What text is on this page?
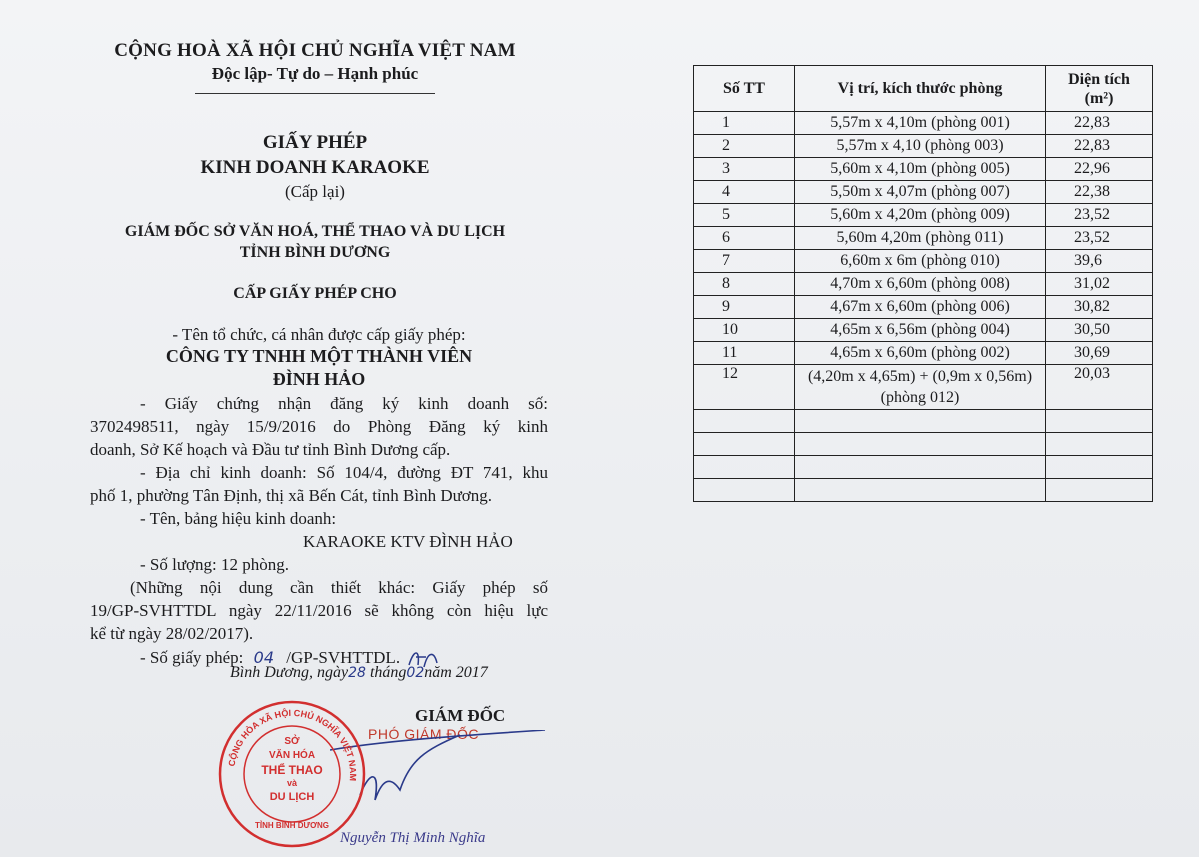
CỘNG HOÀ XÃ HỘI CHỦ NGHĨA VIỆT NAM
Độc lập- Tự do – Hạnh phúc
GIẤY PHÉP
KINH DOANH KARAOKE
(Cấp lại)
GIÁM ĐỐC SỞ VĂN HOÁ, THỂ THAO VÀ DU LỊCH
TỈNH BÌNH DƯƠNG
CẤP GIẤY PHÉP CHO
- Tên tổ chức, cá nhân được cấp giấy phép:
CÔNG TY TNHH MỘT THÀNH VIÊN
ĐÌNH HẢO
- Giấy chứng nhận đăng ký kinh doanh số:
3702498511, ngày 15/9/2016 do Phòng Đăng ký kinh
doanh, Sở Kế hoạch và Đầu tư tỉnh Bình Dương cấp.
- Địa chỉ kinh doanh: Số 104/4, đường ĐT 741, khu
phố 1, phường Tân Định, thị xã Bến Cát, tỉnh Bình Dương.
- Tên, bảng hiệu kinh doanh:
KARAOKE KTV ĐÌNH HẢO
- Số lượng: 12 phòng.
(Những nội dung cần thiết khác: Giấy phép số
19/GP-SVHTTDL ngày 22/11/2016 sẽ không còn hiệu lực
kể từ ngày 28/02/2017).
- Số giấy phép: 04 /GP-SVHTTDL.
Bình Dương, ngày28 tháng02năm 2017
GIÁM ĐỐC
PHÓ GIÁM ĐỐC
Nguyễn Thị Minh Nghĩa
CỘNG HÒA XÃ HỘI CHỦ NGHĨA VIỆT NAM
SỞ
VĂN HÓA
THỂ THAO
và
DU LỊCH
TỈNH BÌNH DƯƠNG
Số TT	Vị trí, kích thước phòng	Diện tích
(m²)
1	5,57m x 4,10m (phòng 001)	22,83
2	5,57m x 4,10 (phòng 003)	22,83
3	5,60m x 4,10m (phòng 005)	22,96
4	5,50m x 4,07m (phòng 007)	22,38
5	5,60m x 4,20m (phòng 009)	23,52
6	5,60m 4,20m (phòng 011)	23,52
7	6,60m x 6m (phòng 010)	39,6
8	4,70m x 6,60m (phòng 008)	31,02
9	4,67m x 6,60m (phòng 006)	30,82
10	4,65m x 6,56m (phòng 004)	30,50
11	4,65m x 6,60m (phòng 002)	30,69
12	(4,20m x 4,65m) + (0,9m x 0,56m)
(phòng 012)	20,03
